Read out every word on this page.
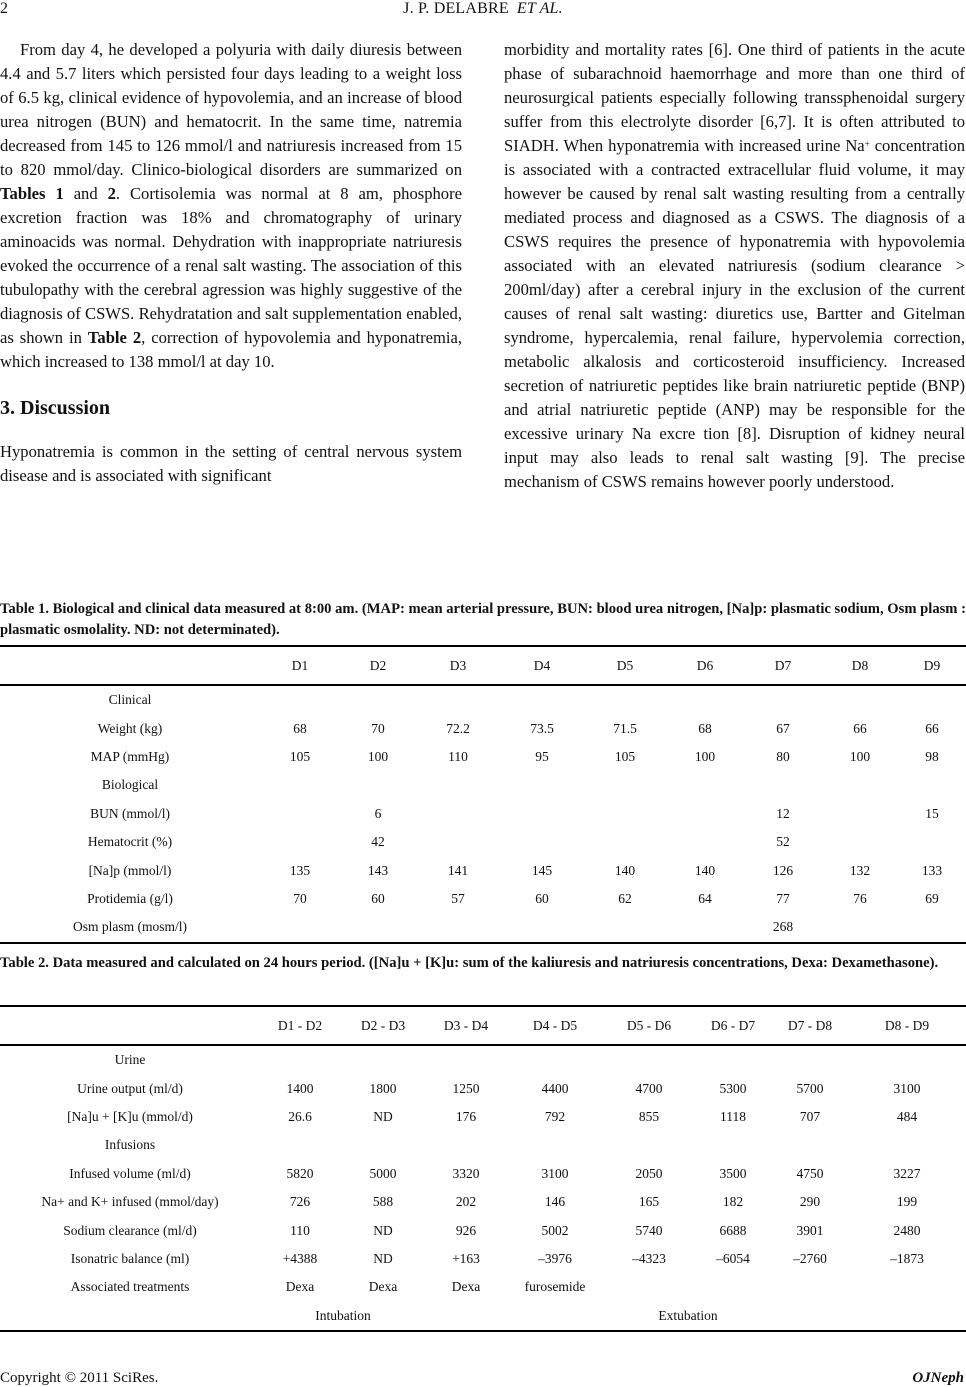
2	J. P. DELABRE ET AL.

From day 4, he developed a polyuria with daily diuresis between 4.4 and 5.7 liters which persisted four days leading to a weight loss of 6.5 kg, clinical evidence of hypovolemia, and an increase of blood urea nitrogen (BUN) and hematocrit. In the same time, natremia decreased from 145 to 126 mmol/l and natriuresis increased from 15 to 820 mmol/day. Clinico-biological disorders are summarized on Tables 1 and 2. Cortisolemia was normal at 8 am, phosphore excretion fraction was 18% and chromatography of urinary aminoacids was normal. Dehydration with inappropriate natriuresis evoked the occurrence of a renal salt wasting. The association of this tubulopathy with the cerebral agression was highly suggestive of the diagnosis of CSWS. Rehydratation and salt supplementation enabled, as shown in Table 2, correction of hypovolemia and hyponatremia, which increased to 138 mmol/l at day 10.

3. Discussion

Hyponatremia is common in the setting of central nervous system disease and is associated with significant

morbidity and mortality rates [6]. One third of patients in the acute phase of subarachnoid haemorrhage and more than one third of neurosurgical patients especially following transsphenoidal surgery suffer from this electrolyte disorder [6,7]. It is often attributed to SIADH. When hyponatremia with increased urine Na+ concentration is associated with a contracted extracellular fluid volume, it may however be caused by renal salt wasting resulting from a centrally mediated process and diagnosed as a CSWS. The diagnosis of a CSWS requires the presence of hyponatremia with hypovolemia associated with an elevated natriuresis (sodium clearance > 200ml/day) after a cerebral injury in the exclusion of the current causes of renal salt wasting: diuretics use, Bartter and Gitelman syndrome, hypercalemia, renal failure, hypervolemia correction, metabolic alkalosis and corticosteroid insufficiency. Increased secretion of natriuretic peptides like brain natriuretic peptide (BNP) and atrial natriuretic peptide (ANP) may be responsible for the excessive urinary Na excre tion [8]. Disruption of kidney neural input may also leads to renal salt wasting [9]. The precise mechanism of CSWS remains however poorly understood.

Table 1. Biological and clinical data measured at 8:00 am. (MAP: mean arterial pressure, BUN: blood urea nitrogen, [Na]p: plasmatic sodium, Osm plasm : plasmatic osmolality. ND: not determinated).
	D1	D2	D3	D4	D5	D6	D7	D8	D9
Clinical									
Weight (kg)	68	70	72.2	73.5	71.5	68	67	66	66
MAP (mmHg)	105	100	110	95	105	100	80	100	98
Biological									
BUN (mmol/l)		6					12		15
Hematocrit (%)		42					52		
[Na]p (mmol/l)	135	143	141	145	140	140	126	132	133
Protidemia (g/l)	70	60	57	60	62	64	77	76	69
Osm plasm (mosm/l)							268		
Table 2. Data measured and calculated on 24 hours period. ([Na]u + [K]u: sum of the kaliuresis and natriuresis concentrations, Dexa: Dexamethasone).
	D1 - D2	D2 - D3	D3 - D4	D4 - D5	D5 - D6	D6 - D7	D7 - D8	D8 - D9
Urine								
Urine output (ml/d)	1400	1800	1250	4400	4700	5300	5700	3100
[Na]u + [K]u (mmol/d)	26.6	ND	176	792	855	1118	707	484
Infusions								
Infused volume (ml/d)	5820	5000	3320	3100	2050	3500	4750	3227
Na+ and K+ infused (mmol/day)	726	588	202	146	165	182	290	199
Sodium clearance (ml/d)	110	ND	926	5002	5740	6688	3901	2480
Isonatric balance (ml)	+4388	ND	+163	–3976	–4323	–6054	–2760	–1873
Associated treatments	Dexa	Dexa	Dexa	furosemide				
	Intubation				Extubation			
Copyright © 2011 SciRes.	OJNeph
